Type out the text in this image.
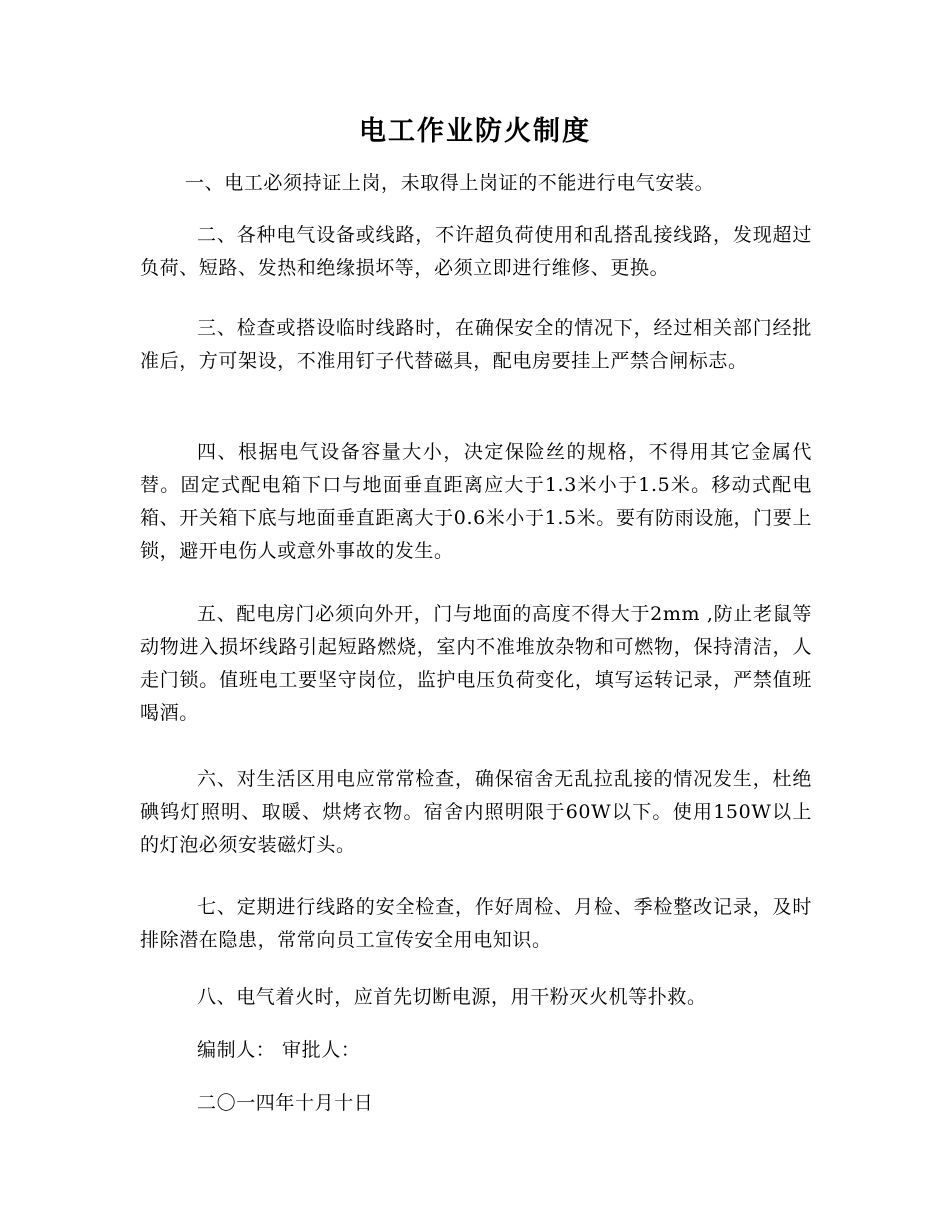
电工作业防火制度
一、电工必须持证上岗，未取得上岗证的不能进行电气安装。
二、各种电气设备或线路，不许超负荷使用和乱搭乱接线路，发现超过负荷、短路、发热和绝缘损坏等，必须立即进行维修、更换。
三、检查或搭设临时线路时，在确保安全的情况下，经过相关部门经批准后，方可架设，不准用钉子代替磁具，配电房要挂上严禁合闸标志。
四、根据电气设备容量大小，决定保险丝的规格，不得用其它金属代替。固定式配电箱下口与地面垂直距离应大于1.3米小于1.5米。移动式配电箱、开关箱下底与地面垂直距离大于0.6米小于1.5米。要有防雨设施，门要上锁，避开电伤人或意外事故的发生。
五、配电房门必须向外开，门与地面的高度不得大于2mm ,防止老鼠等动物进入损坏线路引起短路燃烧，室内不准堆放杂物和可燃物，保持清洁，人走门锁。值班电工要坚守岗位，监护电压负荷变化，填写运转记录，严禁值班喝酒。
六、对生活区用电应常常检查，确保宿舍无乱拉乱接的情况发生，杜绝碘钨灯照明、取暖、烘烤衣物。宿舍内照明限于60W以下。使用150W以上的灯泡必须安装磁灯头。
七、定期进行线路的安全检查，作好周检、月检、季检整改记录，及时排除潜在隐患，常常向员工宣传安全用电知识。
八、电气着火时，应首先切断电源，用干粉灭火机等扑救。
编制人： 审批人：
二〇一四年十月十日
